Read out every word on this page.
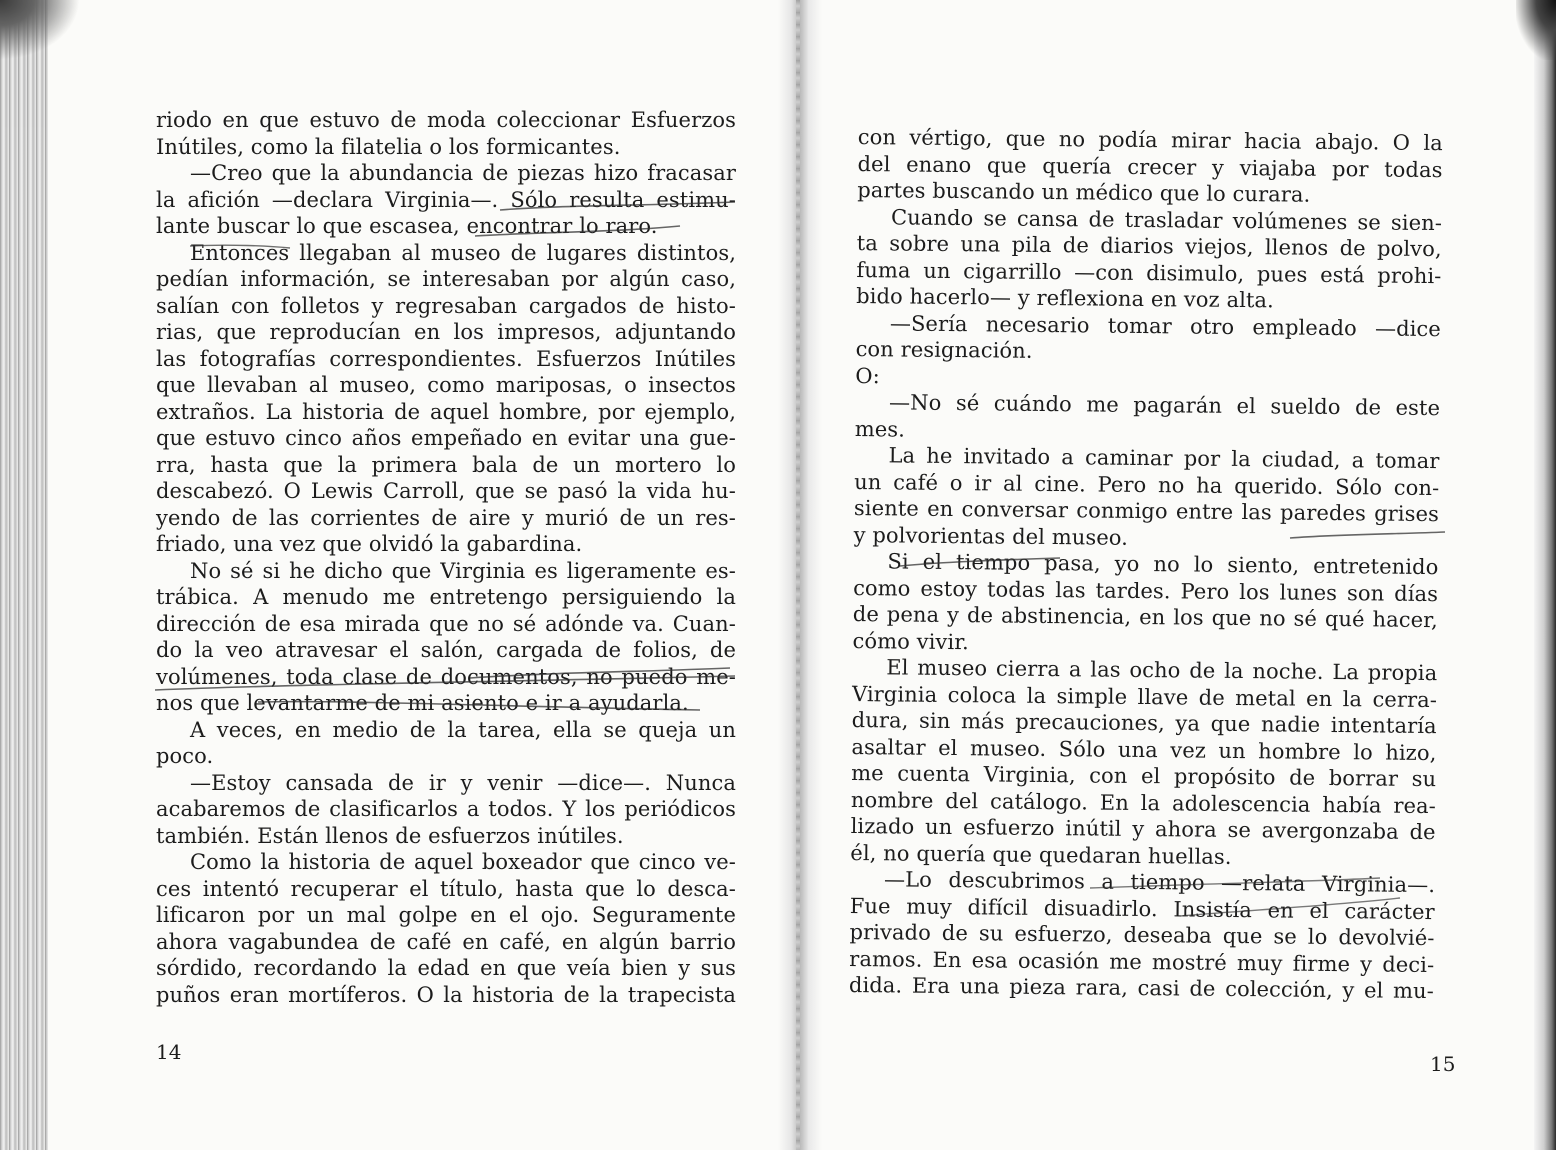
riodo en que estuvo de moda coleccionar Esfuerzos
Inútiles, como la filatelia o los formicantes.
—Creo que la abundancia de piezas hizo fracasar
la afición —declara Virginia—. Sólo resulta estimu-
lante buscar lo que escasea, encontrar lo raro.
Entonces llegaban al museo de lugares distintos,
pedían información, se interesaban por algún caso,
salían con folletos y regresaban cargados de histo-
rias, que reproducían en los impresos, adjuntando
las fotografías correspondientes. Esfuerzos Inútiles
que llevaban al museo, como mariposas, o insectos
extraños. La historia de aquel hombre, por ejemplo,
que estuvo cinco años empeñado en evitar una gue-
rra, hasta que la primera bala de un mortero lo
descabezó. O Lewis Carroll, que se pasó la vida hu-
yendo de las corrientes de aire y murió de un res-
friado, una vez que olvidó la gabardina.
No sé si he dicho que Virginia es ligeramente es-
trábica. A menudo me entretengo persiguiendo la
dirección de esa mirada que no sé adónde va. Cuan-
do la veo atravesar el salón, cargada de folios, de
volúmenes, toda clase de documentos, no puedo me-
nos que levantarme de mi asiento e ir a ayudarla.
A veces, en medio de la tarea, ella se queja un
poco.
—Estoy cansada de ir y venir —dice—. Nunca
acabaremos de clasificarlos a todos. Y los periódicos
también. Están llenos de esfuerzos inútiles.
Como la historia de aquel boxeador que cinco ve-
ces intentó recuperar el título, hasta que lo desca-
lificaron por un mal golpe en el ojo. Seguramente
ahora vagabundea de café en café, en algún barrio
sórdido, recordando la edad en que veía bien y sus
puños eran mortíferos. O la historia de la trapecista
14
con vértigo, que no podía mirar hacia abajo. O la
del enano que quería crecer y viajaba por todas
partes buscando un médico que lo curara.
Cuando se cansa de trasladar volúmenes se sien-
ta sobre una pila de diarios viejos, llenos de polvo,
fuma un cigarrillo —con disimulo, pues está prohi-
bido hacerlo— y reflexiona en voz alta.
—Sería necesario tomar otro empleado —dice
con resignación.
O:
—No sé cuándo me pagarán el sueldo de este
mes.
La he invitado a caminar por la ciudad, a tomar
un café o ir al cine. Pero no ha querido. Sólo con-
siente en conversar conmigo entre las paredes grises
y polvorientas del museo.
Si el tiempo pasa, yo no lo siento, entretenido
como estoy todas las tardes. Pero los lunes son días
de pena y de abstinencia, en los que no sé qué hacer,
cómo vivir.
El museo cierra a las ocho de la noche. La propia
Virginia coloca la simple llave de metal en la cerra-
dura, sin más precauciones, ya que nadie intentaría
asaltar el museo. Sólo una vez un hombre lo hizo,
me cuenta Virginia, con el propósito de borrar su
nombre del catálogo. En la adolescencia había rea-
lizado un esfuerzo inútil y ahora se avergonzaba de
él, no quería que quedaran huellas.
—Lo descubrimos a tiempo —relata Virginia—.
Fue muy difícil disuadirlo. Insistía en el carácter
privado de su esfuerzo, deseaba que se lo devolvié-
ramos. En esa ocasión me mostré muy firme y deci-
dida. Era una pieza rara, casi de colección, y el mu-
15
